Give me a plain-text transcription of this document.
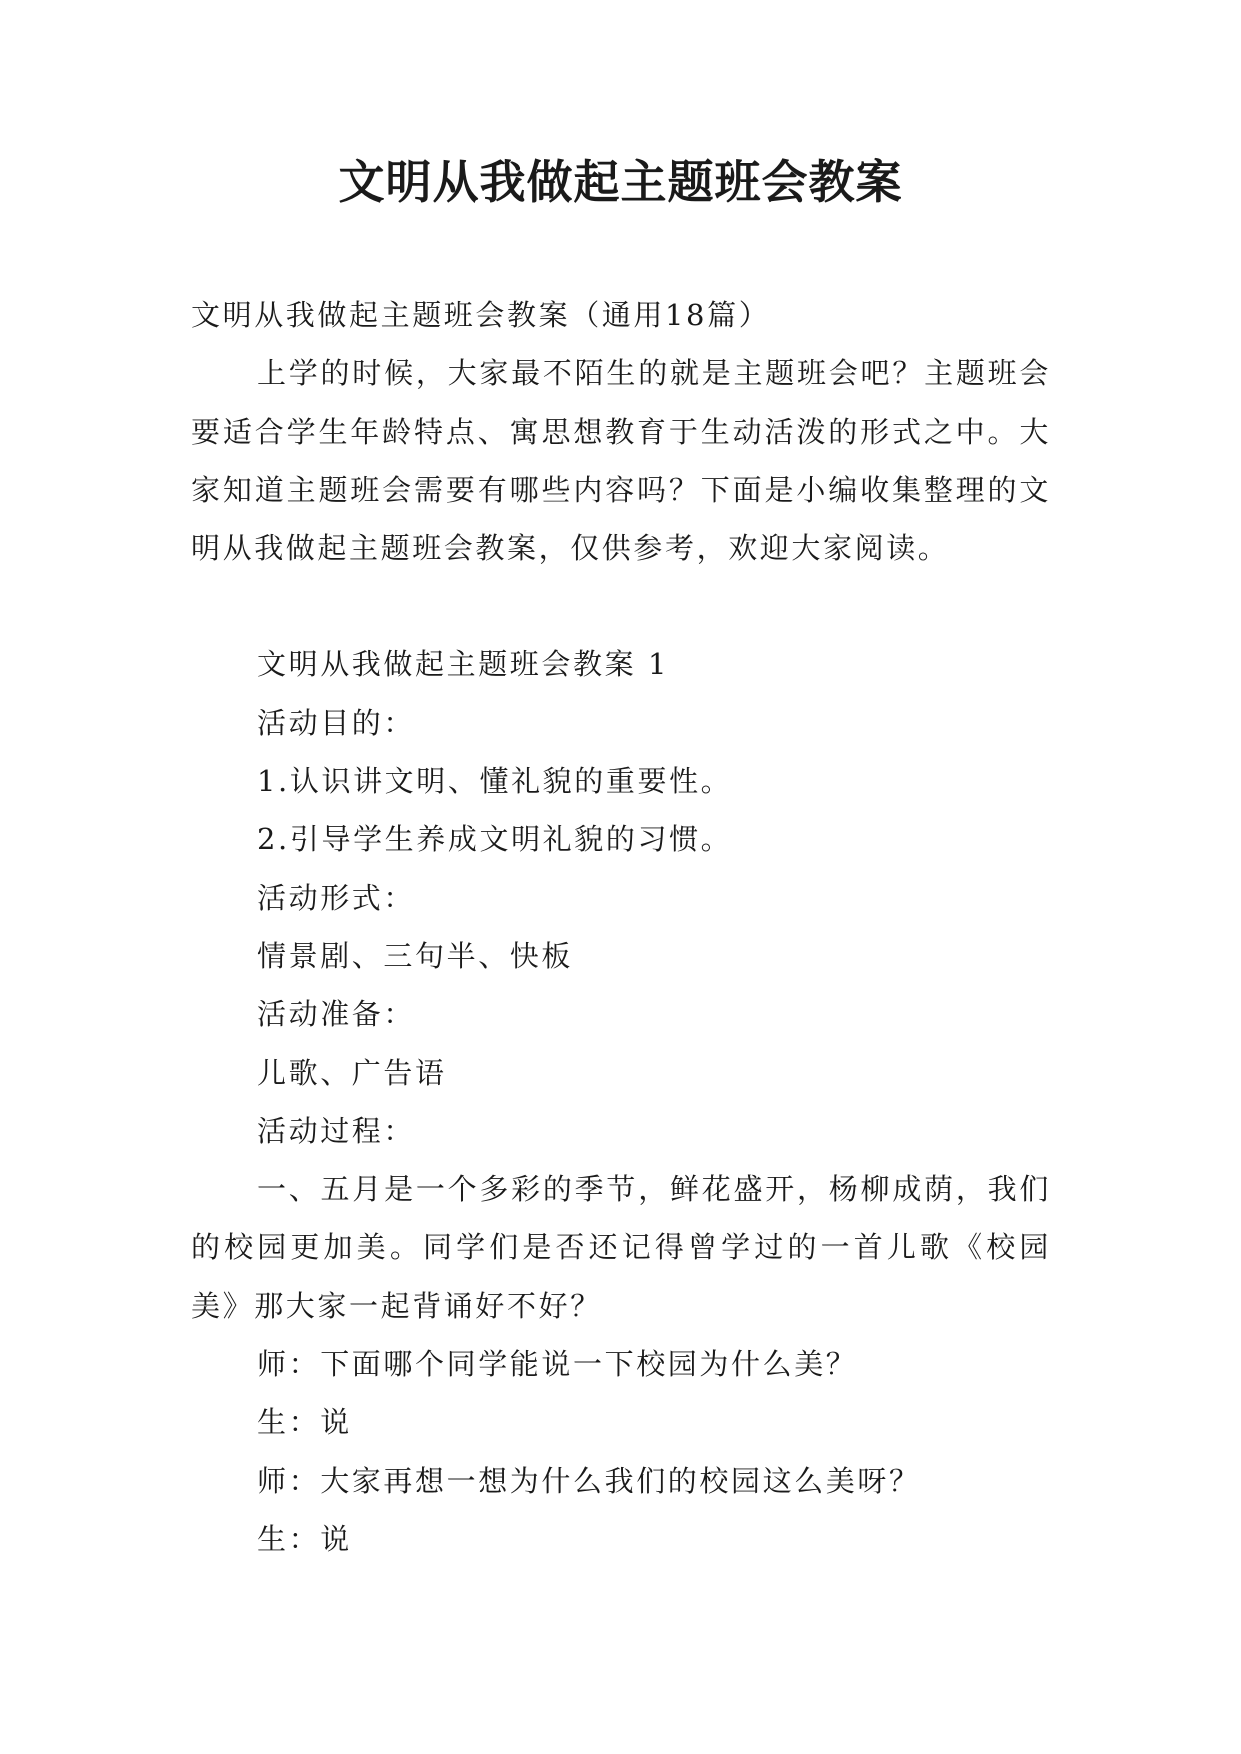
文明从我做起主题班会教案

文明从我做起主题班会教案（通用18篇）

上学的时候，大家最不陌生的就是主题班会吧？主题班会要适合学生年龄特点、寓思想教育于生动活泼的形式之中。大家知道主题班会需要有哪些内容吗？下面是小编收集整理的文明从我做起主题班会教案，仅供参考，欢迎大家阅读。

文明从我做起主题班会教案 1

活动目的：

1.认识讲文明、懂礼貌的重要性。

2.引导学生养成文明礼貌的习惯。

活动形式：

情景剧、三句半、快板

活动准备：

儿歌、广告语

活动过程：

一、五月是一个多彩的季节，鲜花盛开，杨柳成荫，我们的校园更加美。同学们是否还记得曾学过的一首儿歌《校园美》那大家一起背诵好不好？

师：下面哪个同学能说一下校园为什么美？

生：说

师：大家再想一想为什么我们的校园这么美呀？

生：说
